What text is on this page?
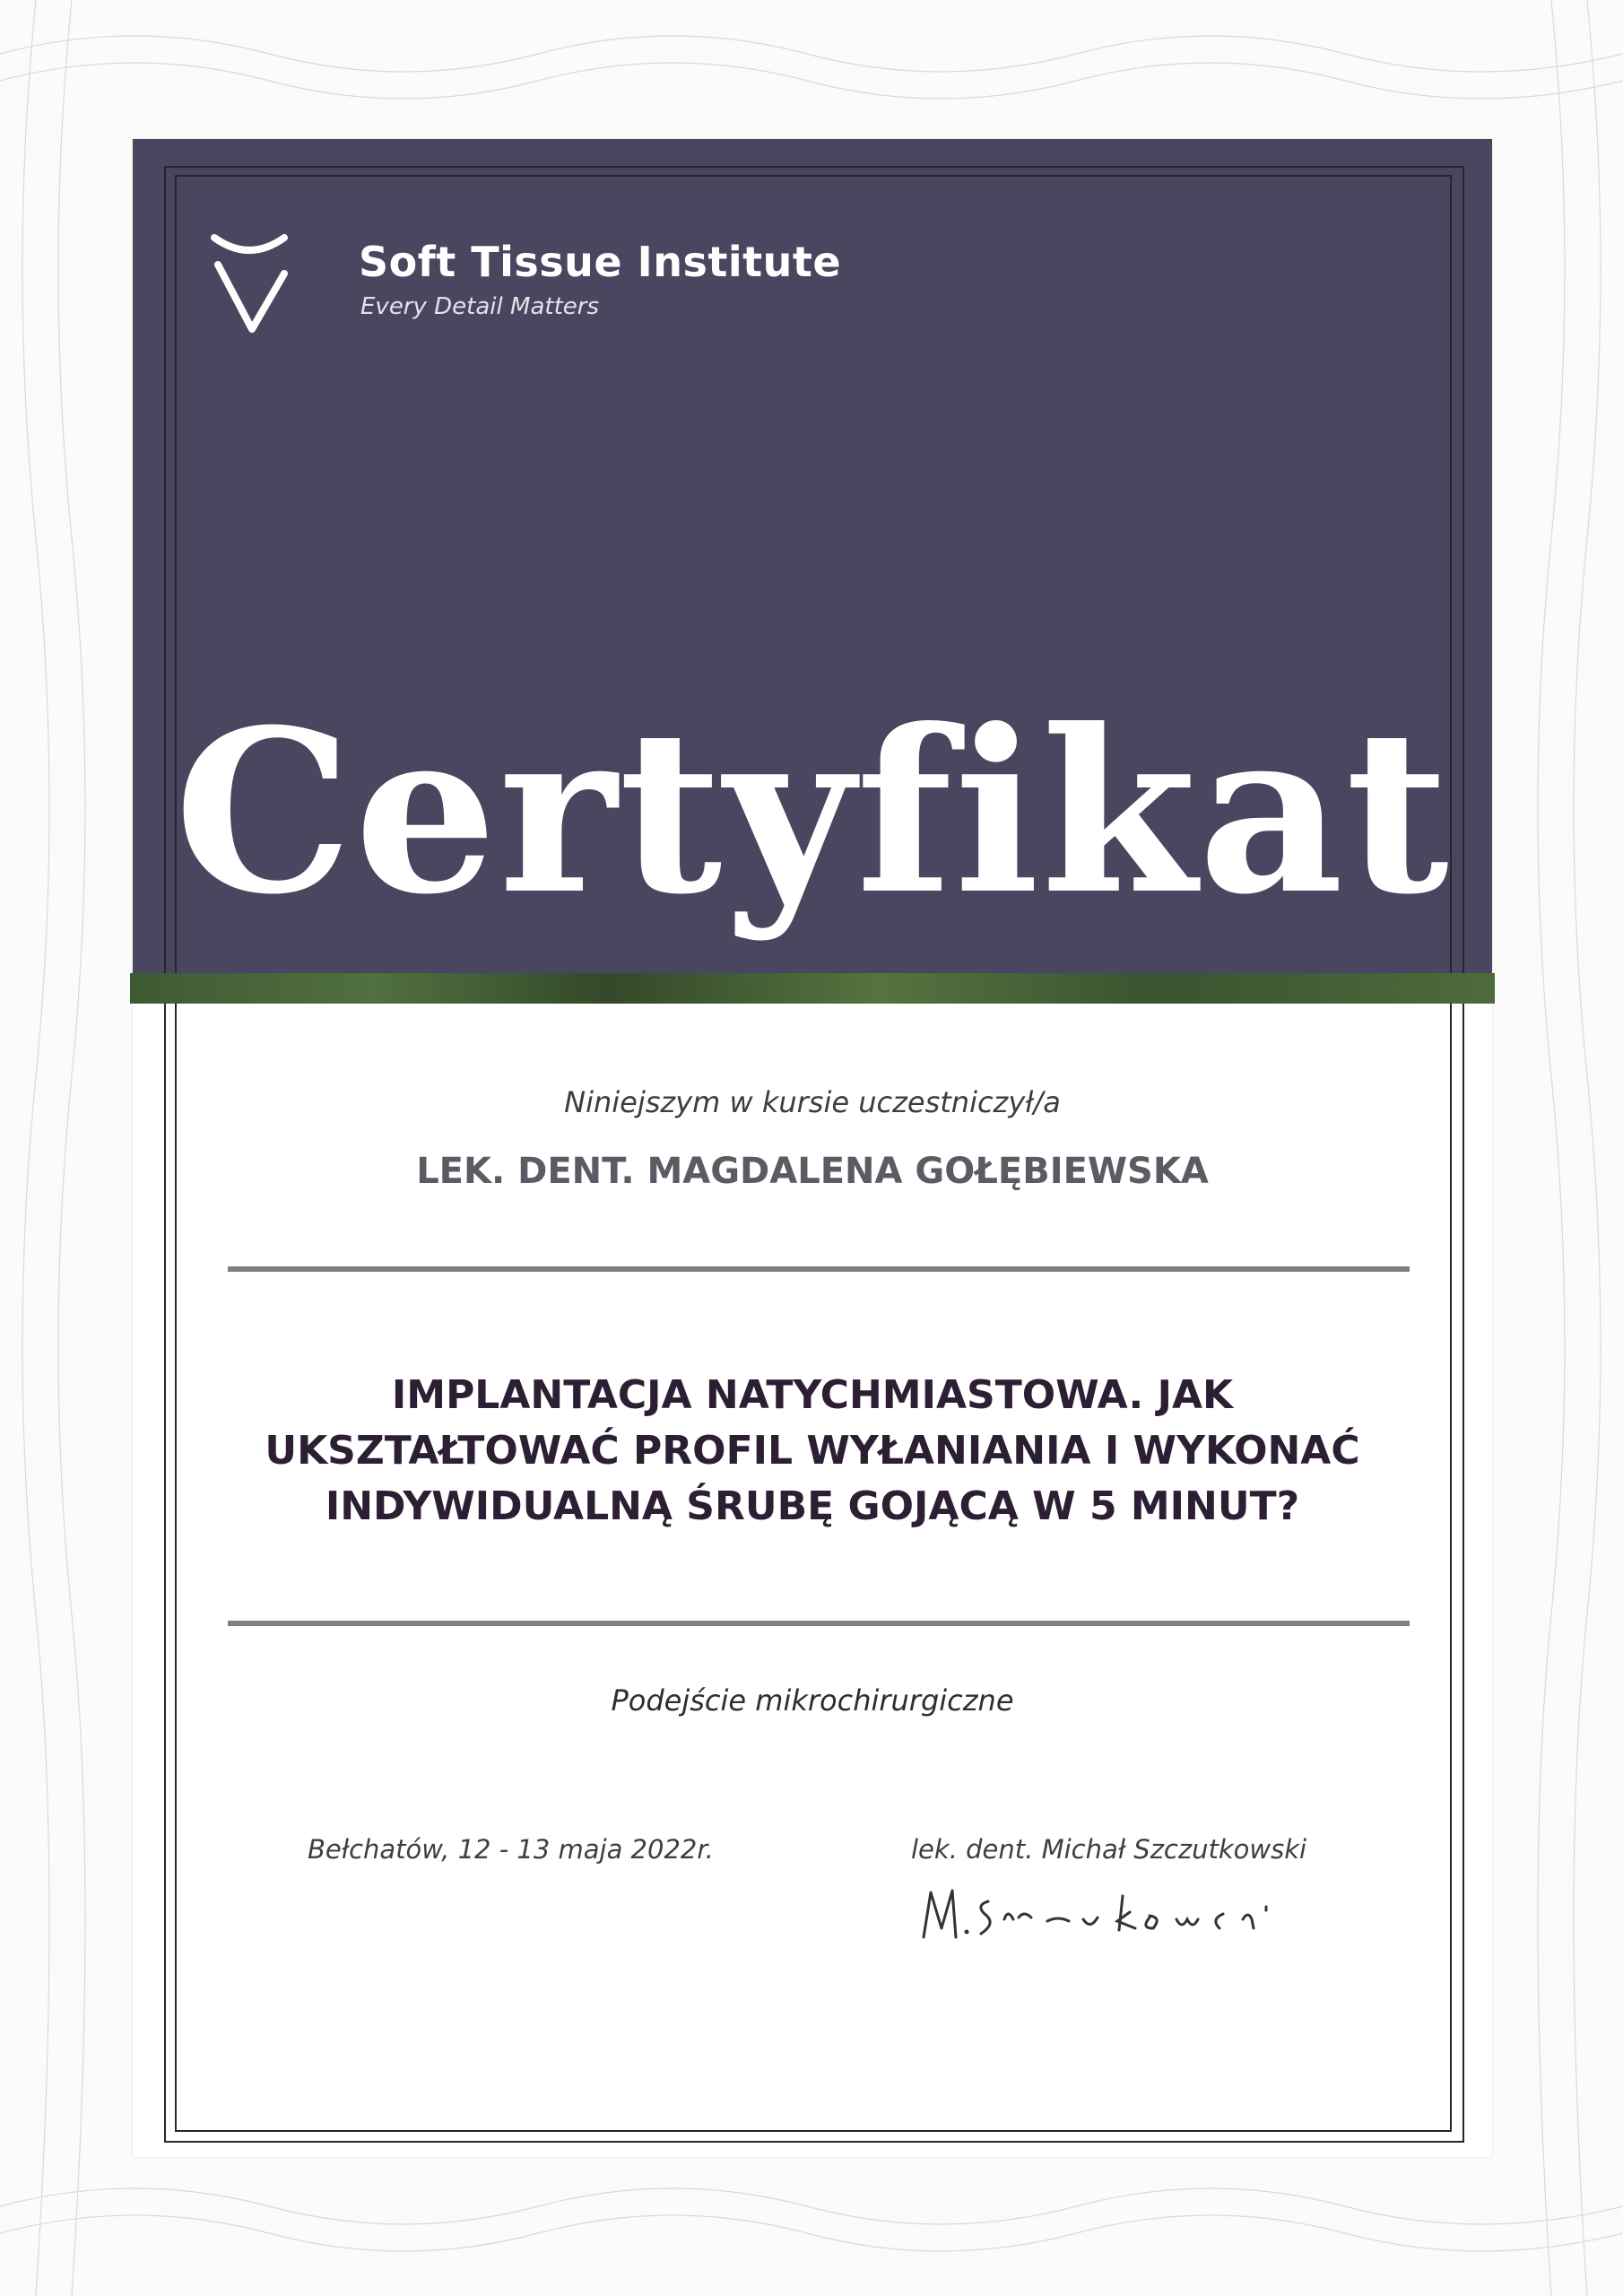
Soft Tissue Institute
Every Detail Matters
Certyfikat
Niniejszym w kursie uczestniczył/a
LEK. DENT. MAGDALENA GOŁĘBIEWSKA
IMPLANTACJA NATYCHMIASTOWA. JAK
UKSZTAŁTOWAĆ PROFIL WYŁANIANIA I WYKONAĆ
INDYWIDUALNĄ ŚRUBĘ GOJĄCĄ W 5 MINUT?
Podejście mikrochirurgiczne
Bełchatów, 12 - 13 maja 2022r.	lek. dent. Michał Szczutkowski
